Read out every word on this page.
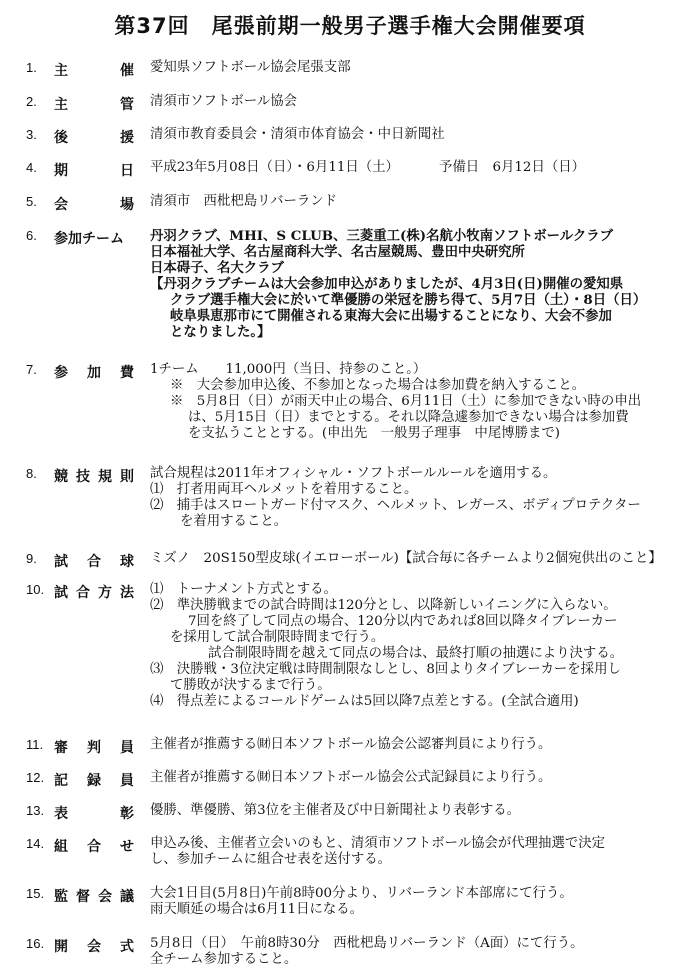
第37回　尾張前期一般男子選手権大会開催要項
1.	主	催 愛知県ソフトボール協会尾張支部
2.	主	管 清須市ソフトボール協会
3.	後	援 清須市教育委員会・清須市体育協会・中日新聞社
4.	期	日 平成23年5月08日（日）・6月11日（土）	予備日　6月12日（日）
5.	会	場 清須市　西枇杷島リバーランド
6.	参加チーム 丹羽クラブ、MHI、S CLUB、三菱重工(株)名航小牧南ソフトボールクラブ
日本福祉大学、名古屋商科大学、名古屋競馬、豊田中央研究所
日本碍子、名大クラブ
【丹羽クラブチームは大会参加申込がありましたが、4月3日(日)開催の愛知県
クラブ選手権大会に於いて準優勝の栄冠を勝ち得て、5月7日（土）・8日（日）
岐阜県恵那市にて開催される東海大会に出場することになり、大会不参加
となりました。】
7.	参 加 費 1チーム　　11,000円（当日、持参のこと。）
※　大会参加申込後、不参加となった場合は参加費を納入すること。
※　5月8日（日）が雨天中止の場合、6月11日（土）に参加できない時の申出
は、5月15日（日）までとする。それ以降急遽参加できない場合は参加費
を支払うこととする。(申出先　一般男子理事　中尾博勝まで)
8.	競 技 規 則 試合規程は2011年オフィシャル・ソフトボールルールを適用する。
⑴　打者用両耳ヘルメットを着用すること。
⑵　捕手はスロートガード付マスク、ヘルメット、レガース、ボディプロテクター
を着用すること。
9.	試 合 球 ミズノ　20S150型皮球(イエローボール)【試合毎に各チームより2個宛供出のこと】
10. 試 合 方 法 ⑴　トーナメント方式とする。
⑵　準決勝戦までの試合時間は120分とし、以降新しいイニングに入らない。
7回を終了して同点の場合、120分以内であれば8回以降タイブレーカー
を採用して試合制限時間まで行う。
試合制限時間を越えて同点の場合は、最終打順の抽選により決する。
⑶　決勝戦・3位決定戦は時間制限なしとし、8回よりタイブレーカーを採用し
て勝敗が決するまで行う。
⑷　得点差によるコールドゲームは5回以降7点差とする。(全試合適用)
11. 審 判 員 主催者が推薦する㈶日本ソフトボール協会公認審判員により行う。
12. 記 録 員 主催者が推薦する㈶日本ソフトボール協会公式記録員により行う。
13. 表	彰 優勝、準優勝、第3位を主催者及び中日新聞社より表彰する。
14. 組 合 せ 申込み後、主催者立会いのもと、清須市ソフトボール協会が代理抽選で決定
し、参加チームに組合せ表を送付する。
15. 監 督 会 議 大会1日目(5月8日)午前8時00分より、リバーランド本部席にて行う。
雨天順延の場合は6月11日になる。
16. 開 会 式 5月8日（日）　午前8時30分　西枇杷島リバーランド（A面）にて行う。
全チーム参加すること。
